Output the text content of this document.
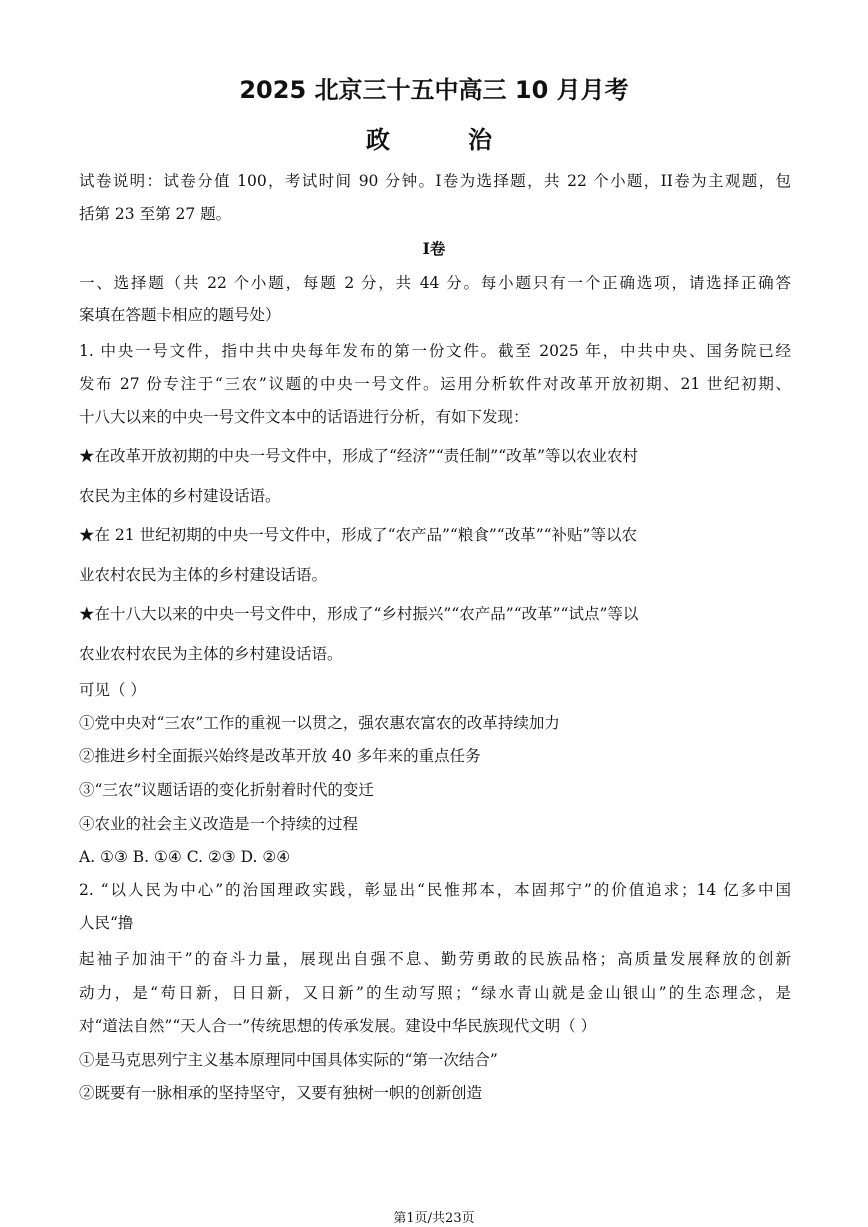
2025 北京三十五中高三 10 月月考
政　　治
试卷说明：试卷分值 100，考试时间 90 分钟。I卷为选择题，共 22 个小题，II卷为主观题，包
括第 23 至第 27 题。
I卷
一、选择题（共 22 个小题，每题 2 分，共 44 分。每小题只有一个正确选项，请选择正确答
案填在答题卡相应的题号处）
1. 中央一号文件，指中共中央每年发布的第一份文件。截至 2025 年，中共中央、国务院已经
发布 27 份专注于“三农”议题的中央一号文件。运用分析软件对改革开放初期、21 世纪初期、
十八大以来的中央一号文件文本中的话语进行分析，有如下发现：
★在改革开放初期的中央一号文件中，形成了“经济”“责任制”“改革”等以农业农村
农民为主体的乡村建设话语。
★在 21 世纪初期的中央一号文件中，形成了“农产品”“粮食”“改革”“补贴”等以农
业农村农民为主体的乡村建设话语。
★在十八大以来的中央一号文件中，形成了“乡村振兴”“农产品”“改革”“试点”等以
农业农村农民为主体的乡村建设话语。
可见（ ）
①党中央对“三农”工作的重视一以贯之，强农惠农富农的改革持续加力
②推进乡村全面振兴始终是改革开放 40 多年来的重点任务
③“三农”议题话语的变化折射着时代的变迁
④农业的社会主义改造是一个持续的过程
A. ①③ B. ①④ C. ②③ D. ②④
2. “以人民为中心”的治国理政实践，彰显出“民惟邦本，本固邦宁”的价值追求；14 亿多中国
人民“撸
起袖子加油干”的奋斗力量，展现出自强不息、勤劳勇敢的民族品格；高质量发展释放的创新
动力，是“苟日新，日日新，又日新”的生动写照；“绿水青山就是金山银山”的生态理念，是
对“道法自然”“天人合一”传统思想的传承发展。建设中华民族现代文明（ ）
①是马克思列宁主义基本原理同中国具体实际的“第一次结合”
②既要有一脉相承的坚持坚守，又要有独树一帜的创新创造
第1页/共23页
